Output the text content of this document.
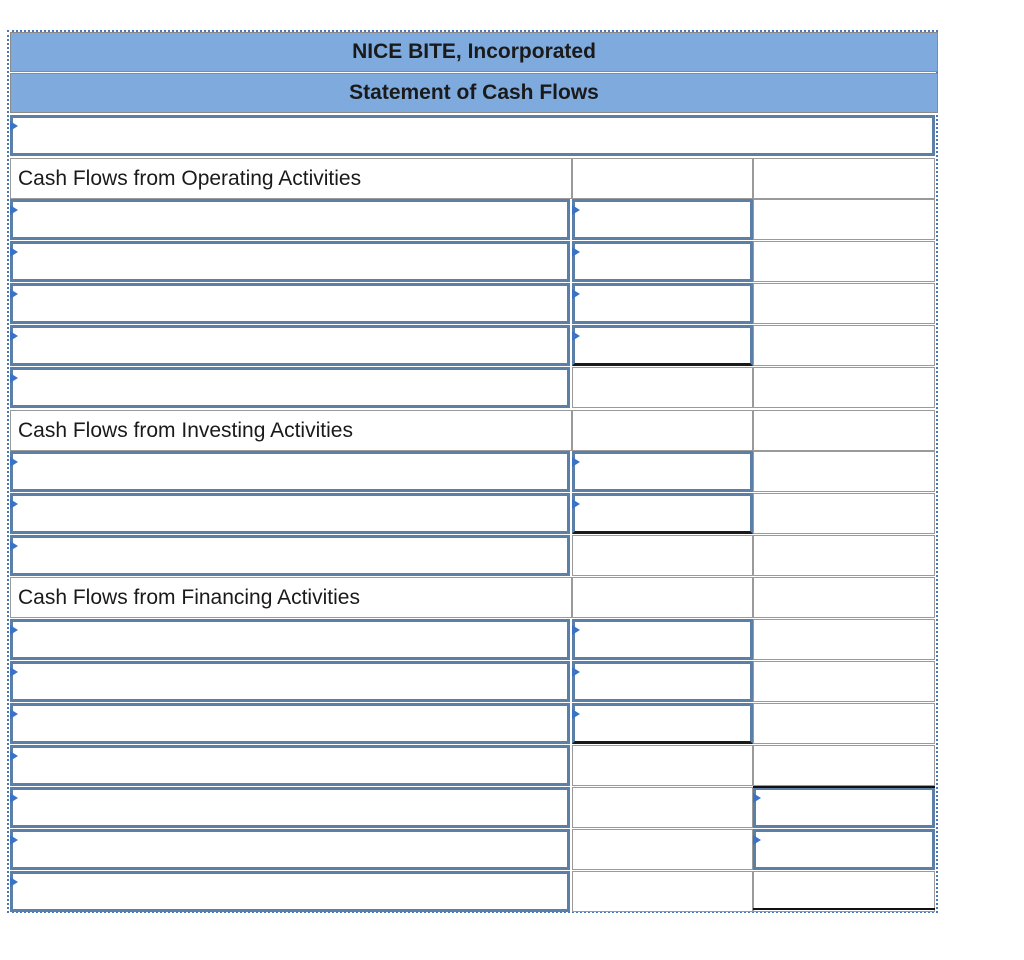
NICE BITE, Incorporated
Statement of Cash Flows
Cash Flows from Operating Activities
Cash Flows from Investing Activities
Cash Flows from Financing Activities
